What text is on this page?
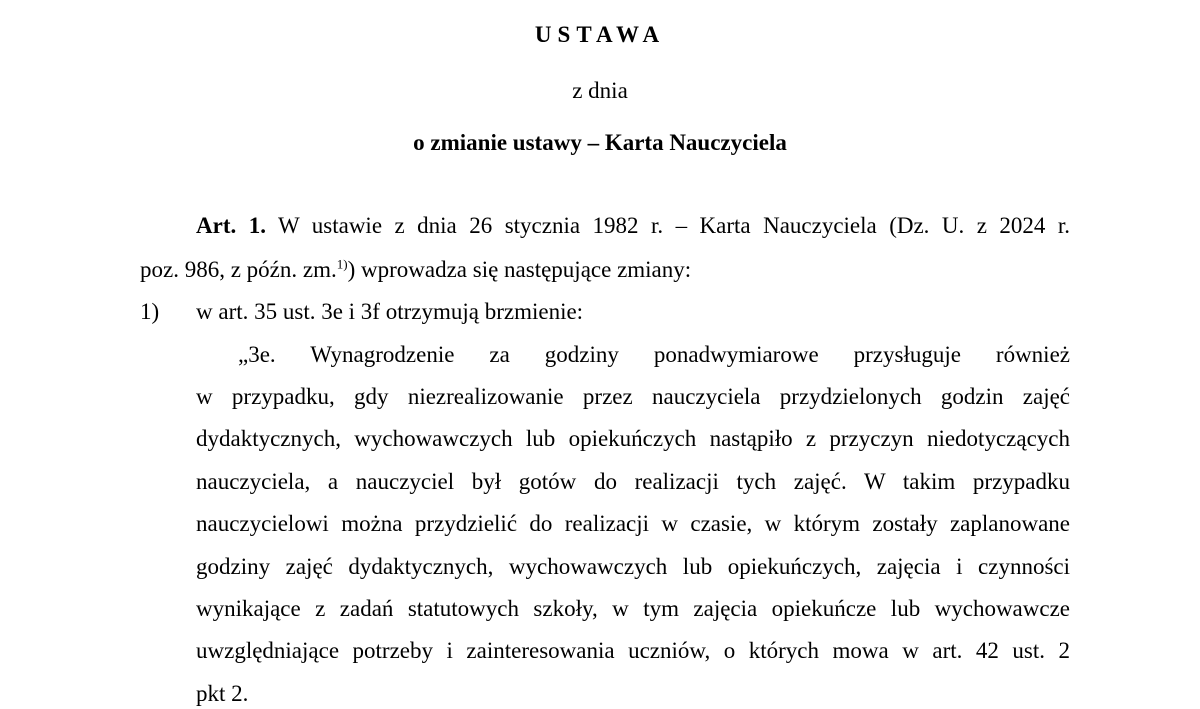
USTAWA
z dnia
o zmianie ustawy – Karta Nauczyciela
Art. 1. W ustawie z dnia 26 stycznia 1982 r. – Karta Nauczyciela (Dz. U. z 2024 r.
poz. 986, z późn. zm.$^{1)}$) wprowadza się następujące zmiany:
1) w art. 35 ust. 3e i 3f otrzymują brzmienie:
„3e. Wynagrodzenie za godziny ponadwymiarowe przysługuje również
w przypadku, gdy niezrealizowanie przez nauczyciela przydzielonych godzin zajęć
dydaktycznych, wychowawczych lub opiekuńczych nastąpiło z przyczyn niedotyczących
nauczyciela, a nauczyciel był gotów do realizacji tych zajęć. W takim przypadku
nauczycielowi można przydzielić do realizacji w czasie, w którym zostały zaplanowane
godziny zajęć dydaktycznych, wychowawczych lub opiekuńczych, zajęcia i czynności
wynikające z zadań statutowych szkoły, w tym zajęcia opiekuńcze lub wychowawcze
uwzględniające potrzeby i zainteresowania uczniów, o których mowa w art. 42 ust. 2
pkt 2.
